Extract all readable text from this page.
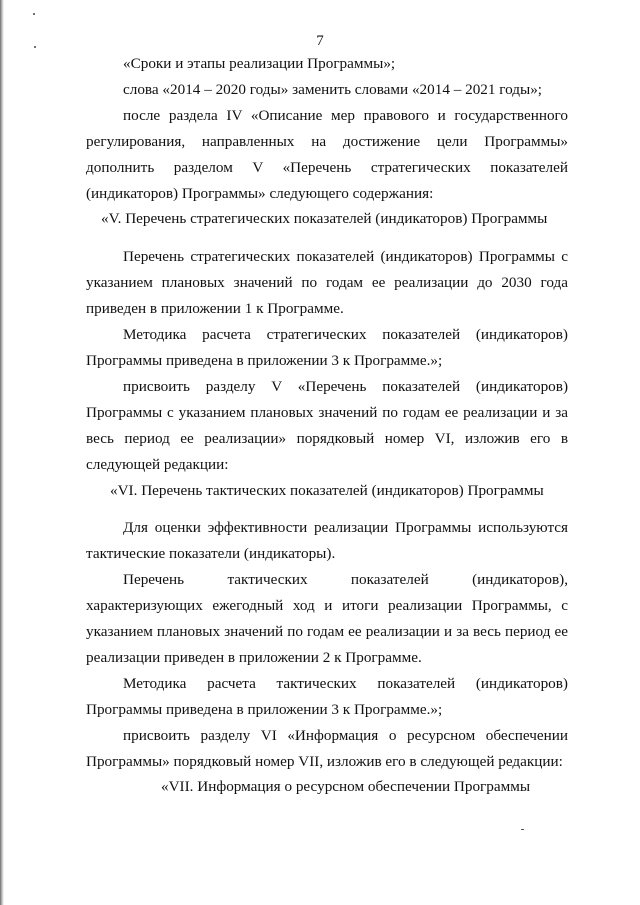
7

«Сроки и этапы реализации Программы»;

слова «2014 – 2020 годы» заменить словами «2014 – 2021 годы»;

после раздела IV «Описание мер правового и государственного регулирования, направленных на достижение цели Программы» дополнить разделом V «Перечень стратегических показателей (индикаторов) Программы» следующего содержания:

«V. Перечень стратегических показателей (индикаторов) Программы

Перечень стратегических показателей (индикаторов) Программы с указанием плановых значений по годам ее реализации до 2030 года приведен в приложении 1 к Программе.

Методика расчета стратегических показателей (индикаторов) Программы приведена в приложении 3 к Программе.»;

присвоить разделу V «Перечень показателей (индикаторов) Программы с указанием плановых значений по годам ее реализации и за весь период ее реализации» порядковый номер VI, изложив его в следующей редакции:

«VI. Перечень тактических показателей (индикаторов) Программы

Для оценки эффективности реализации Программы используются тактические показатели (индикаторы).

Перечень тактических показателей (индикаторов), характеризующих ежегодный ход и итоги реализации Программы, с указанием плановых значений по годам ее реализации и за весь период ее реализации приведен в приложении 2 к Программе.

Методика расчета тактических показателей (индикаторов) Программы приведена в приложении 3 к Программе.»;

присвоить разделу VI «Информация о ресурсном обеспечении Программы» порядковый номер VII, изложив его в следующей редакции:

«VII. Информация о ресурсном обеспечении Программы
